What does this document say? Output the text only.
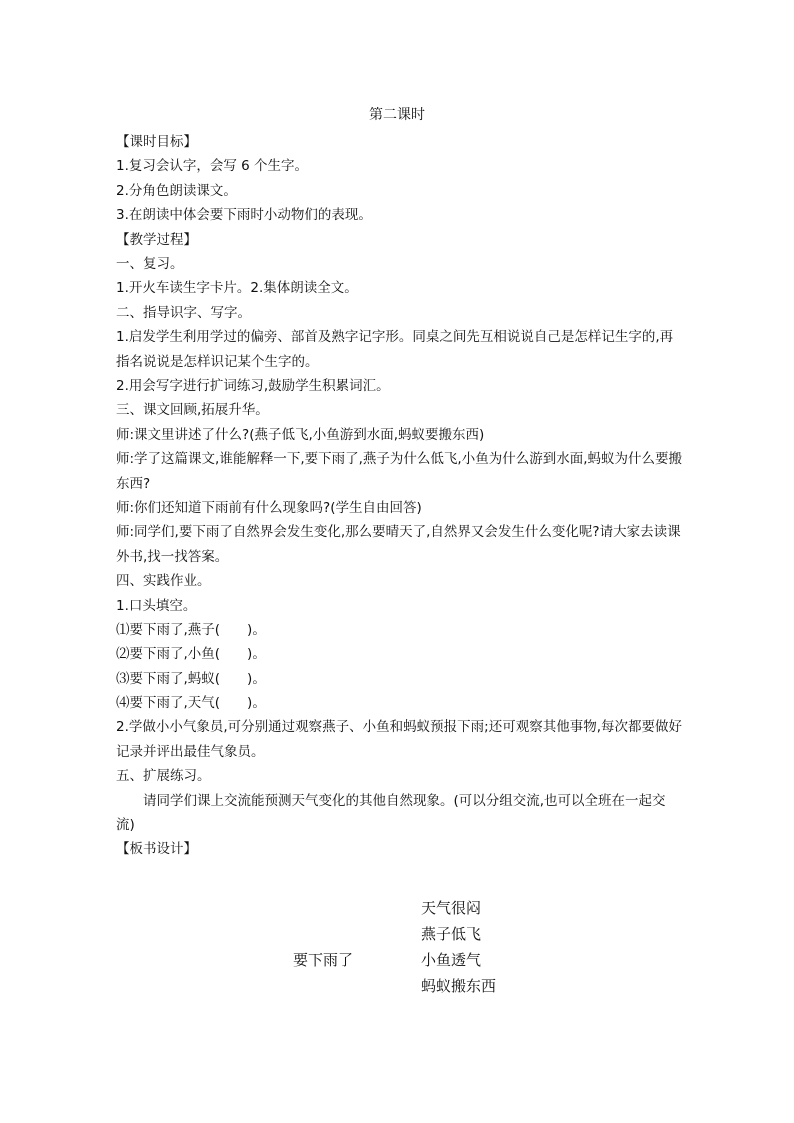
第二课时
【课时目标】
1.复习会认字，会写 6 个生字。
2.分角色朗读课文。
3.在朗读中体会要下雨时小动物们的表现。
【教学过程】
一、复习。
1.开火车读生字卡片。2.集体朗读全文。
二、指导识字、写字。
1.启发学生利用学过的偏旁、部首及熟字记字形。同桌之间先互相说说自己是怎样记生字的,再指名说说是怎样识记某个生字的。
2.用会写字进行扩词练习,鼓励学生积累词汇。
三、课文回顾,拓展升华。
师:课文里讲述了什么?(燕子低飞,小鱼游到水面,蚂蚁要搬东西)
师:学了这篇课文,谁能解释一下,要下雨了,燕子为什么低飞,小鱼为什么游到水面,蚂蚁为什么要搬东西?
师:你们还知道下雨前有什么现象吗?(学生自由回答)
师:同学们,要下雨了自然界会发生变化,那么要晴天了,自然界又会发生什么变化呢?请大家去读课外书,找一找答案。
四、实践作业。
1.口头填空。
⑴要下雨了,燕子(　　)。
⑵要下雨了,小鱼(　　)。
⑶要下雨了,蚂蚁(　　)。
⑷要下雨了,天气(　　)。
2.学做小小气象员,可分别通过观察燕子、小鱼和蚂蚁预报下雨;还可观察其他事物,每次都要做好记录并评出最佳气象员。
五、扩展练习。
请同学们课上交流能预测天气变化的其他自然现象。(可以分组交流,也可以全班在一起交流)
【板书设计】
要下雨了
天气很闷
燕子低飞
小鱼透气
蚂蚁搬东西
